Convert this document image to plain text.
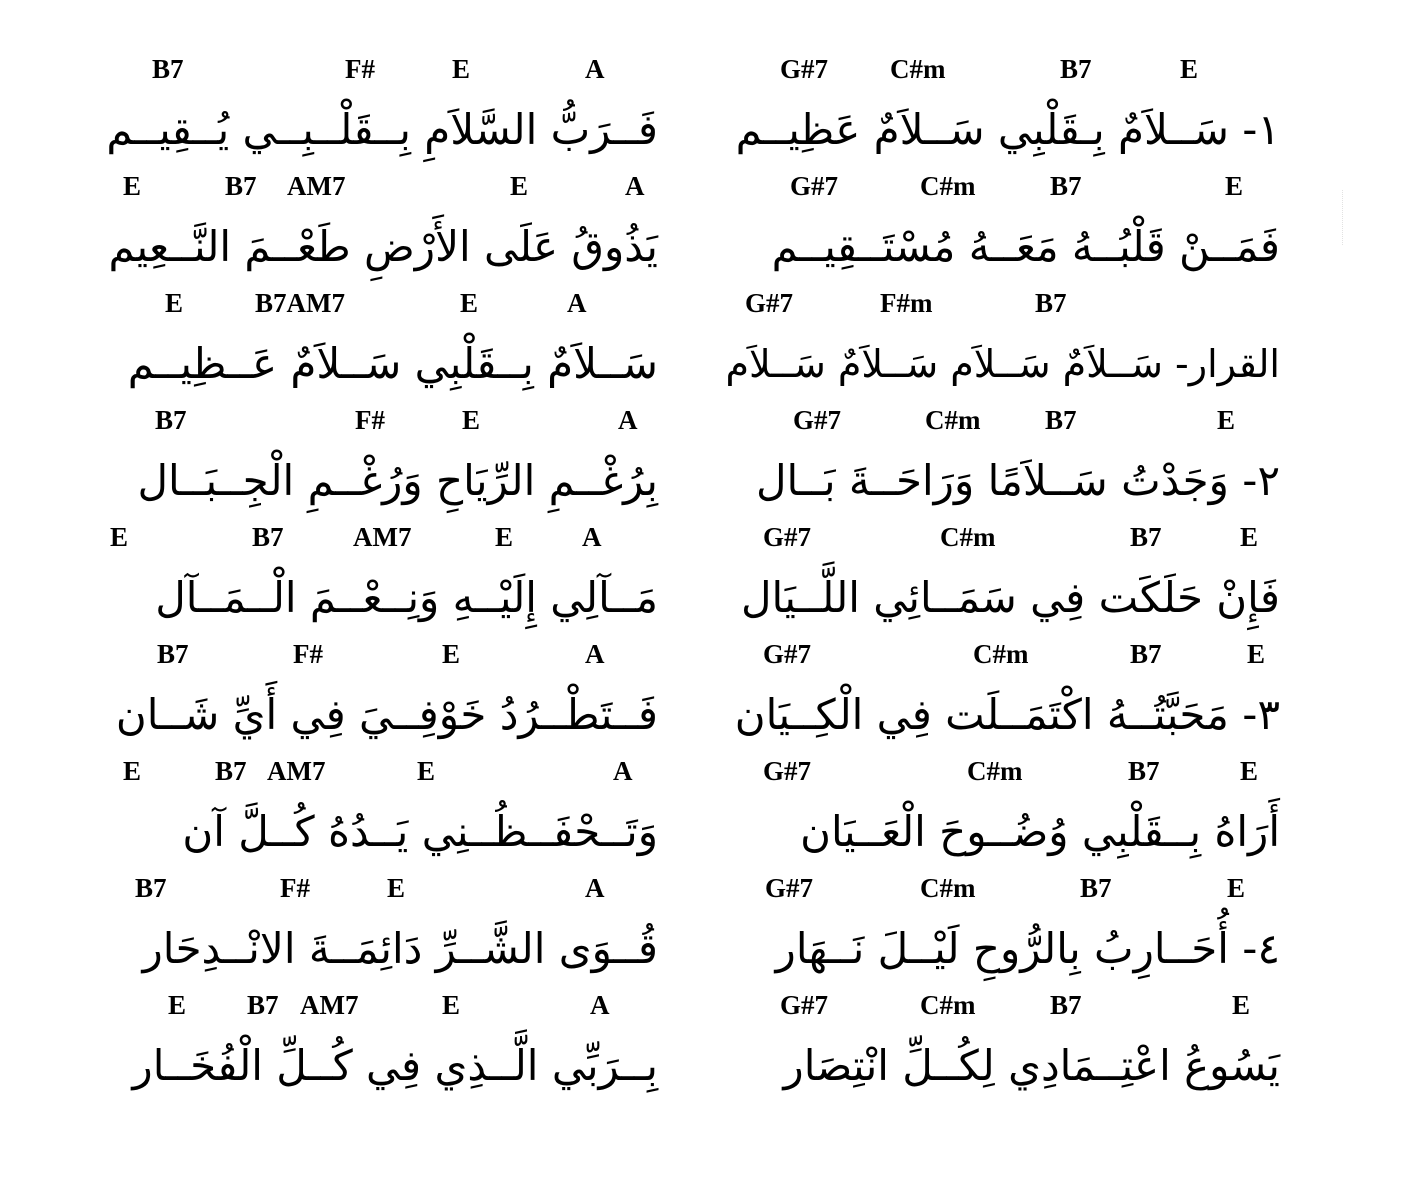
G#7 C#m	B7	E
١- سَــلاَمٌ بِـقَلْبِي سَــلاَمٌ عَظِيــم
G#7	C#m	B7	E
فَمَــنْ قَلْبُــهُ مَعَــهُ مُسْتَــقِيــم
G#7	F#m	B7
القرار- سَــلاَمٌ سَــلاَم سَــلاَمٌ سَــلاَم
G#7	C#m B7	E
٢- وَجَدْتُ سَــلاَمًا وَرَاحَــةَ بَــال
G#7	C#m	B7	E
فَإِنْ حَلَكَت فِي سَمَــائِي اللَّــيَال
G#7	C#m	B7	E
٣- مَحَبَّتُــهُ اكْتَمَــلَت فِي الْكِــيَان
G#7	C#m	B7	E
أَرَاهُ بِــقَلْبِي وُضُــوحَ الْعَــيَان
G#7	C#m	B7	E
٤- أُحَــارِبُ بِالرُّوحِ لَيْــلَ نَــهَار
G#7	C#m	B7	E
يَسُوعُ اعْتِــمَادِي لِكُــلِّ انْتِصَار
B7	F#	E	A
فَــرَبُّ السَّلاَمِ بِــقَلْــبِــي يُــقِيــم
E	B7 AM7	E	A
يَذُوقُ عَلَى الأَرْضِ طَعْــمَ النَّــعِيم
E	B7AM7	E	A
سَــلاَمٌ بِــقَلْبِي سَــلاَمٌ عَــظِيــم
B7	F#	E	A
بِرُغْــمِ الرِّيَاحِ وَرُغْــمِ الْجِــبَــال
E	B7	AM7	E	A
مَــآلِي إِلَيْــهِ وَنِــعْــمَ الْــمَــآل
B7	F#	E	A
فَــتَطْــرُدُ خَوْفِــيَ فِي أَيِّ شَــان
E	B7 AM7	E	A
وَتَــحْفَــظُــنِي يَــدُهُ كُــلَّ آن
B7	F#	E	A
قُــوَى الشَّــرِّ دَائِمَــةَ الانْــدِحَار
E B7 AM7	E	A
بِــرَبِّي الَّــذِي فِي كُــلِّ الْفُخَــار
